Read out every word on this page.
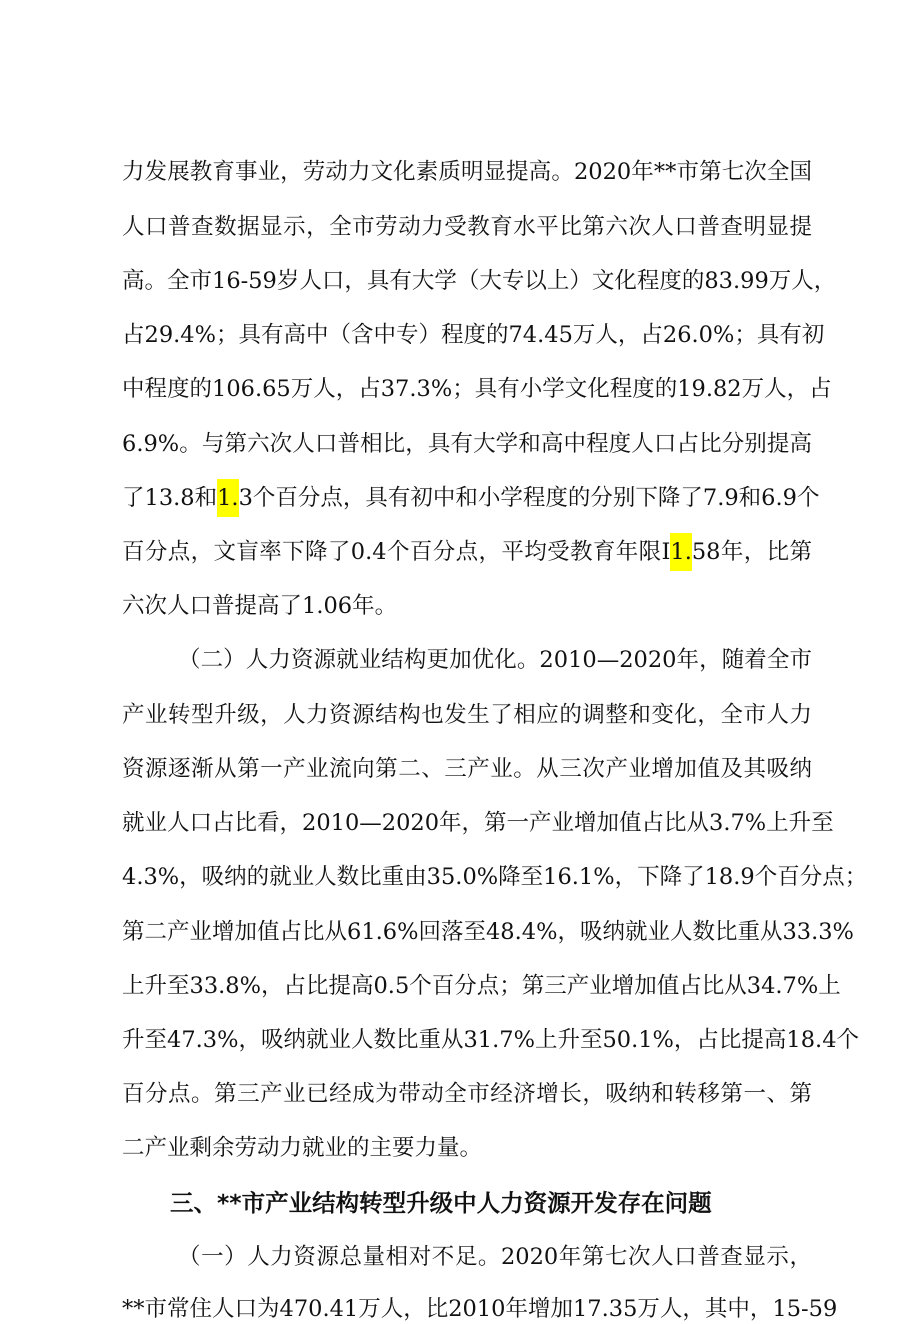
力发展教育事业，劳动力文化素质明显提高。2020年**市第七次全国
人口普查数据显示，全市劳动力受教育水平比第六次人口普查明显提
高。全市16-59岁人口，具有大学（大专以上）文化程度的83.99万人，
占29.4%；具有高中（含中专）程度的74.45万人，占26.0%；具有初
中程度的106.65万人，占37.3%；具有小学文化程度的19.82万人，占
6.9%。与第六次人口普相比，具有大学和高中程度人口占比分别提高
了13.8和1.3个百分点，具有初中和小学程度的分别下降了7.9和6.9个
百分点，文盲率下降了0.4个百分点，平均受教育年限I1.58年，比第
六次人口普提高了1.06年。
（二）人力资源就业结构更加优化。2010—2020年，随着全市
产业转型升级，人力资源结构也发生了相应的调整和变化，全市人力
资源逐渐从第一产业流向第二、三产业。从三次产业增加值及其吸纳
就业人口占比看，2010—2020年，第一产业增加值占比从3.7%上升至
4.3%，吸纳的就业人数比重由35.0%降至16.1%，下降了18.9个百分点；
第二产业增加值占比从61.6%回落至48.4%，吸纳就业人数比重从33.3%
上升至33.8%，占比提高0.5个百分点；第三产业增加值占比从34.7%上
升至47.3%，吸纳就业人数比重从31.7%上升至50.1%，占比提高18.4个
百分点。第三产业已经成为带动全市经济增长，吸纳和转移第一、第
二产业剩余劳动力就业的主要力量。
三、**市产业结构转型升级中人力资源开发存在问题
（一）人力资源总量相对不足。2020年第七次人口普查显示，
**市常住人口为470.41万人，比2010年增加17.35万人，其中，15-59
